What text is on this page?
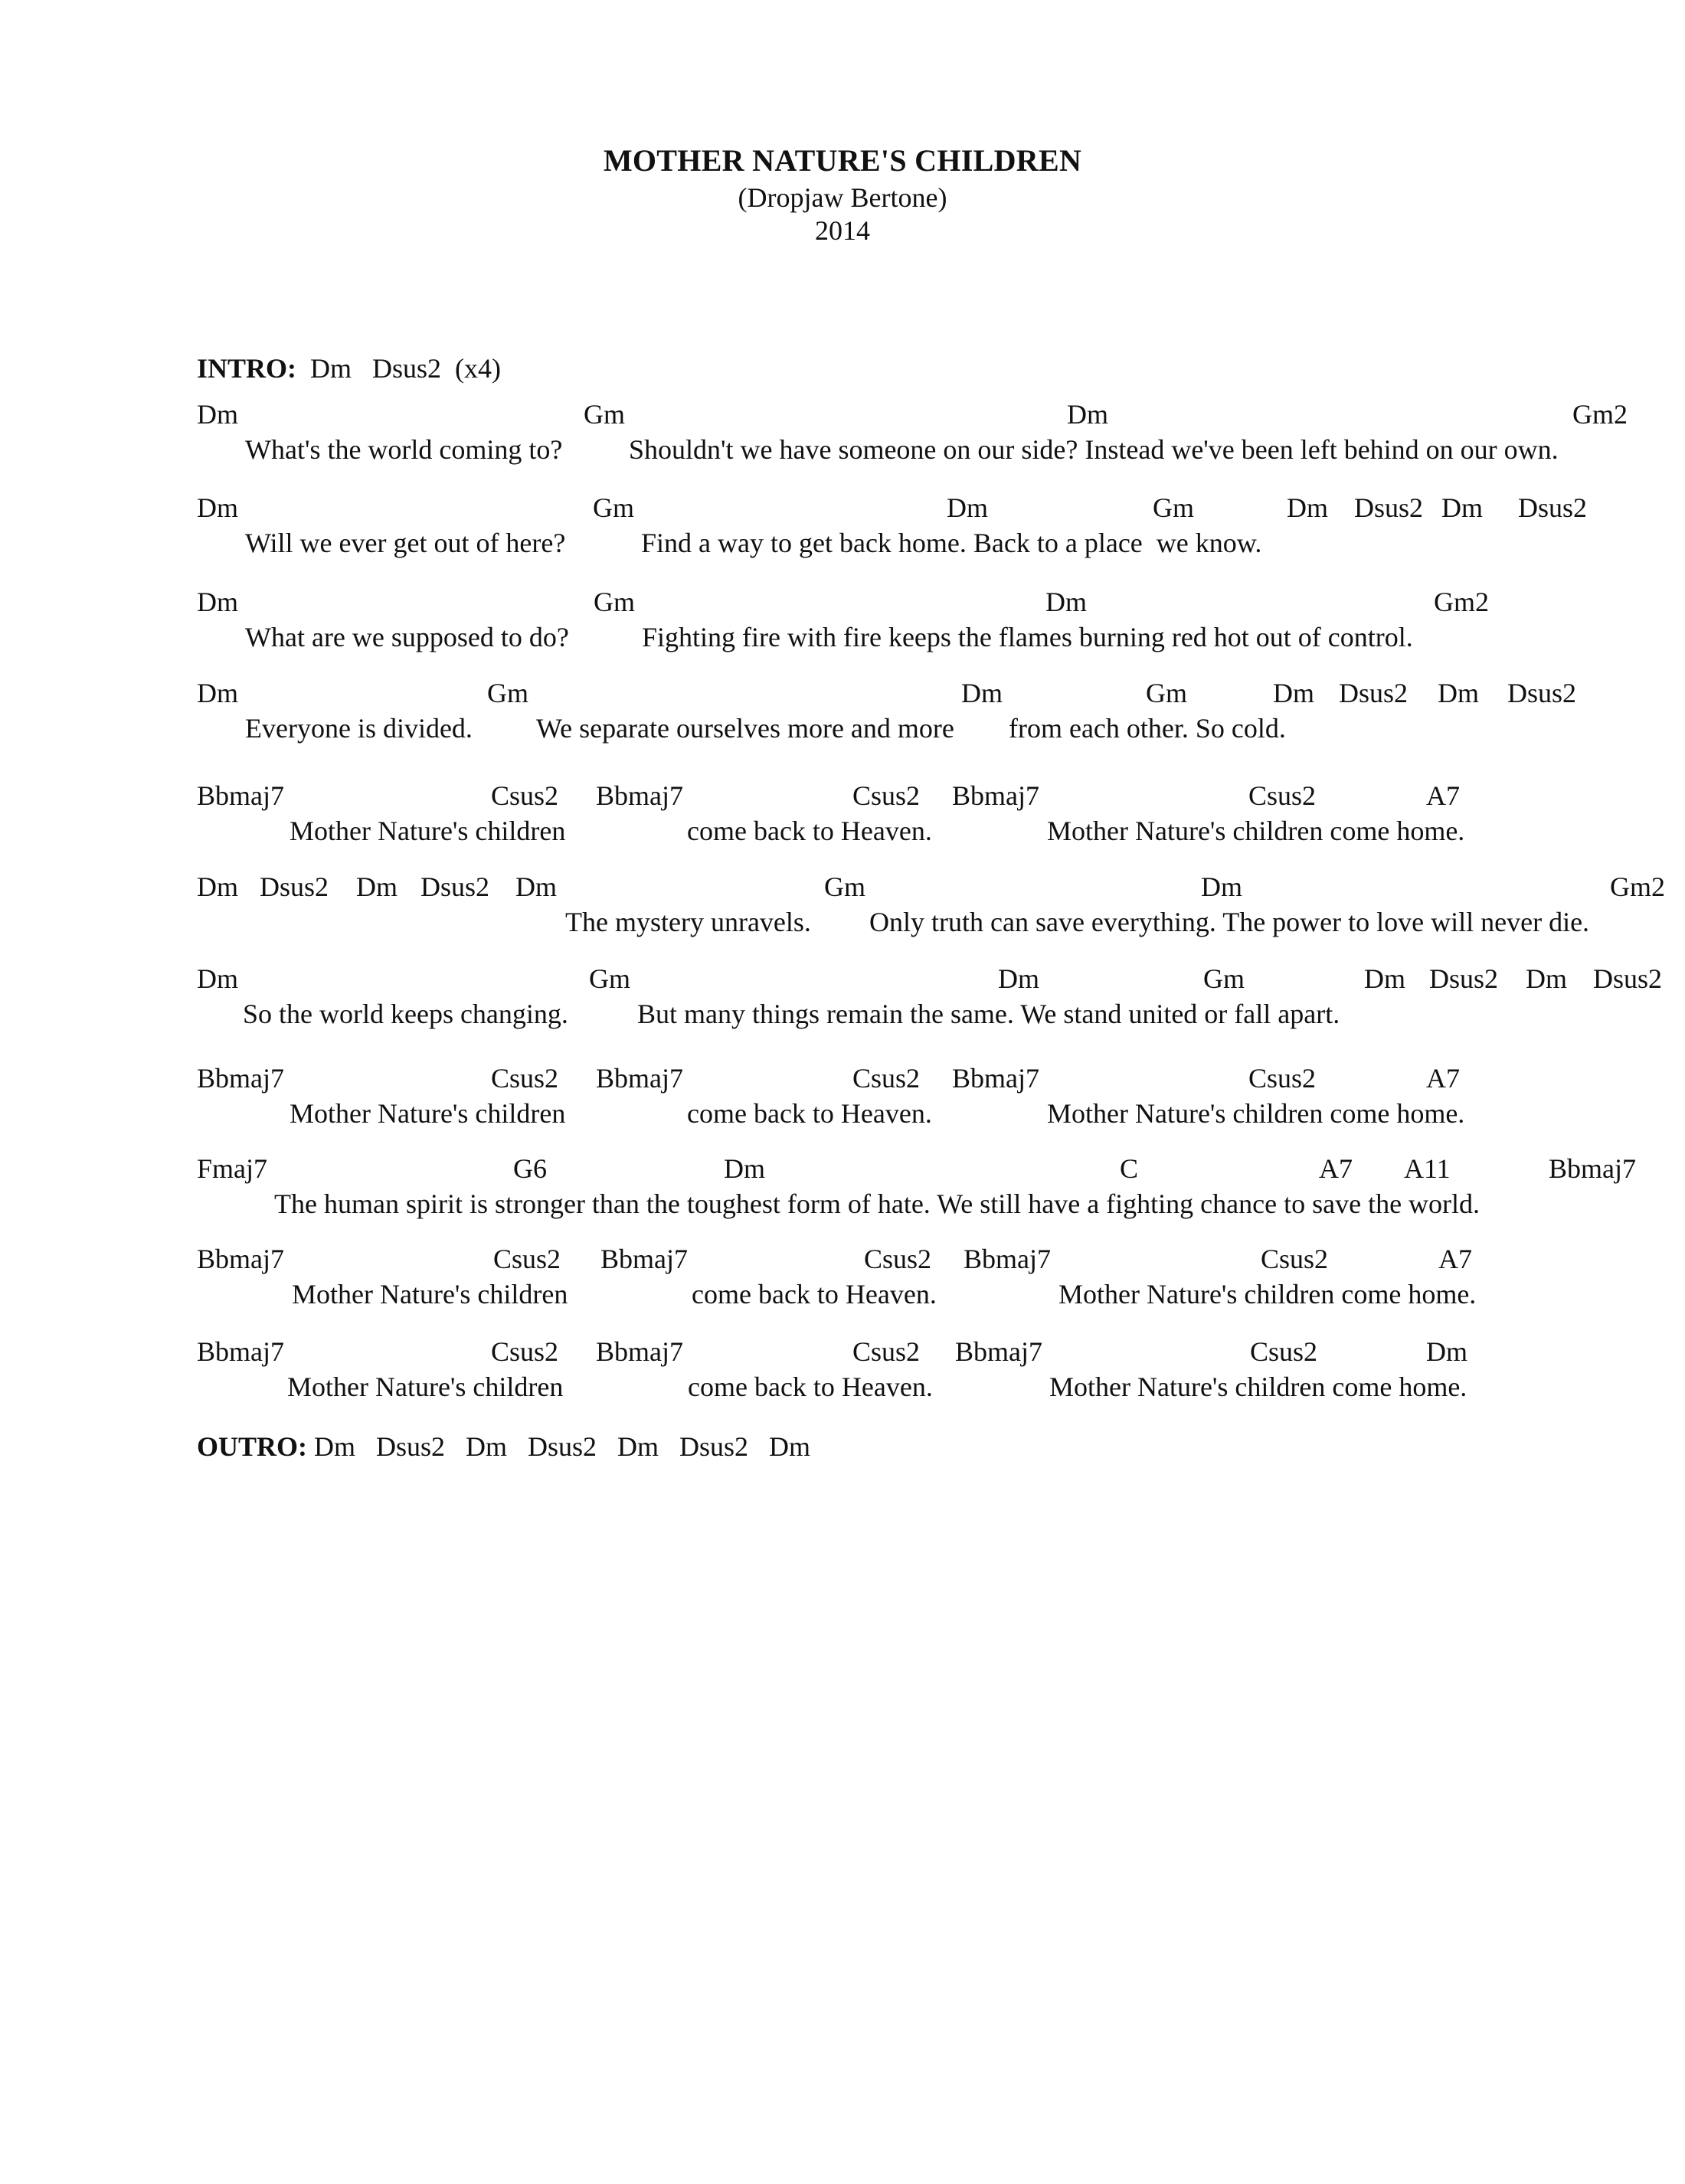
MOTHER NATURE'S CHILDREN
(Dropjaw Bertone)
2014
INTRO: Dm   Dsus2  (x4)
Dm	Gm	Dm	Gm2
What's the world coming to? Shouldn't we have someone on our side? Instead we've been left behind on our own.
Dm	Gm	Dm	Gm	Dm Dsus2 Dm Dsus2
Will we ever get out of here?	Find a way to get back home. Back to a place  we know.
Dm	Gm	Dm	Gm2
What are we supposed to do?	Fighting fire with fire keeps the flames burning red hot out of control.
Dm	Gm	Dm	Gm	Dm Dsus2 Dm Dsus2
Everyone is divided. We separate ourselves more and more from each other. So cold.
Bbmaj7	Csus2 Bbmaj7	Csus2 Bbmaj7	Csus2	A7
Mother Nature's children	come back to Heaven.	Mother Nature's children come home.
Dm Dsus2 Dm Dsus2 Dm	Gm	Dm	Gm2
The mystery unravels. Only truth can save everything. The power to love will never die.
Dm	Gm	Dm	Gm	Dm Dsus2 Dm Dsus2
So the world keeps changing.	But many things remain the same. We stand united or fall apart.
Bbmaj7	Csus2 Bbmaj7	Csus2 Bbmaj7	Csus2	A7
Mother Nature's children	come back to Heaven.	Mother Nature's children come home.
Fmaj7	G6	Dm	C	A7 A11	Bbmaj7
The human spirit is stronger than the toughest form of hate. We still have a fighting chance to save the world.
Bbmaj7	Csus2 Bbmaj7	Csus2 Bbmaj7	Csus2	A7
Mother Nature's children	come back to Heaven.	Mother Nature's children come home.
Bbmaj7	Csus2 Bbmaj7	Csus2 Bbmaj7	Csus2	Dm
Mother Nature's children	come back to Heaven.	Mother Nature's children come home.
OUTRO: Dm   Dsus2   Dm   Dsus2   Dm   Dsus2   Dm
